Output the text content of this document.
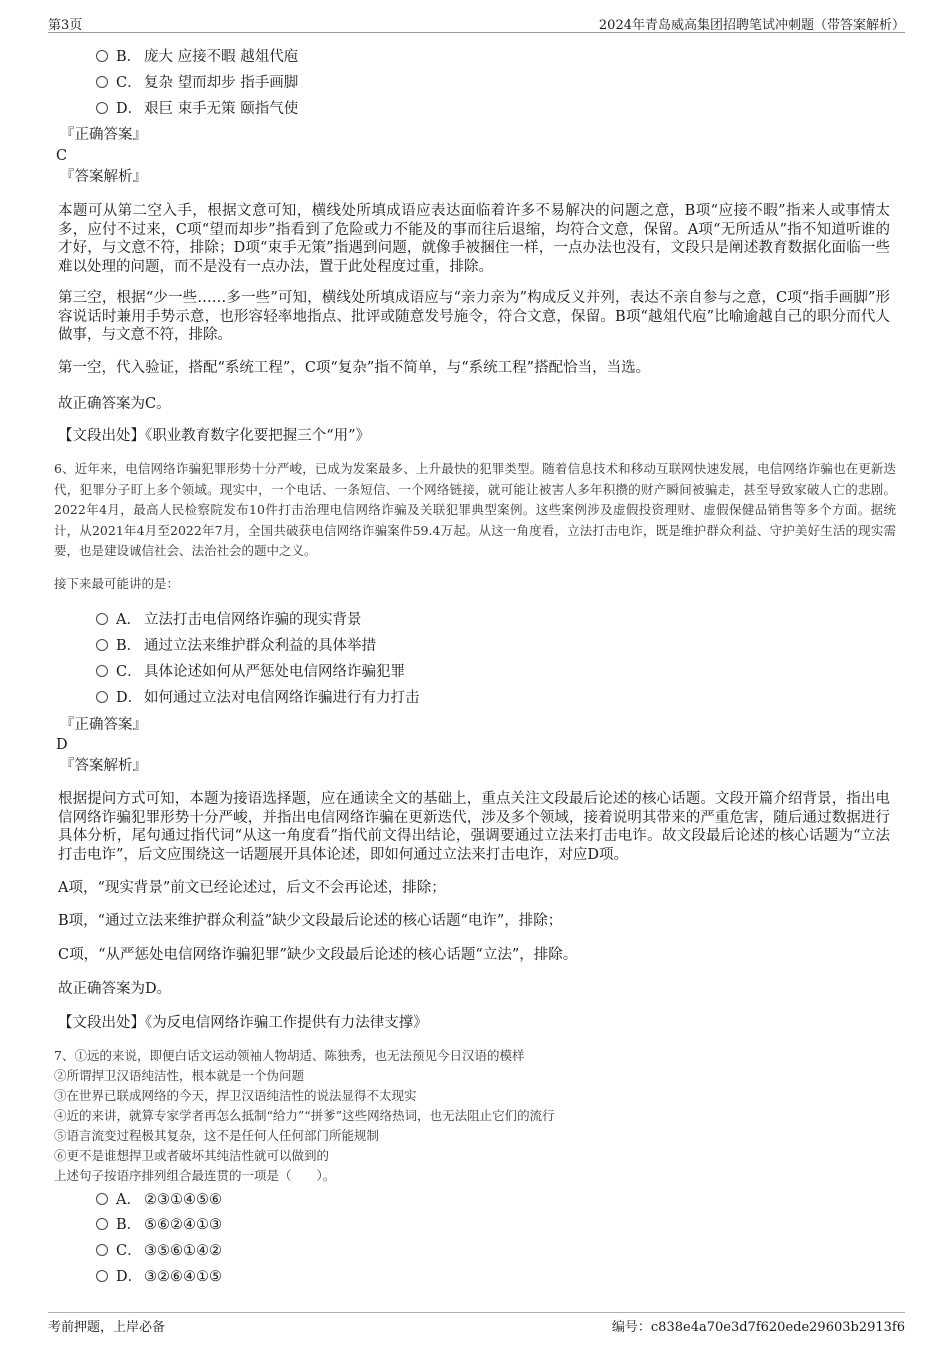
第3页	2024年青岛威高集团招聘笔试冲刺题（带答案解析）
B． 庞大 应接不暇 越俎代庖
C． 复杂 望而却步 指手画脚
D． 艰巨 束手无策 颐指气使
『正确答案』
C
『答案解析』
本题可从第二空入手，根据文意可知，横线处所填成语应表达面临着许多不易解决的问题之意，B项“应接不暇”指来人或事情太多，应付不过来，C项“望而却步”指看到了危险或力不能及的事而往后退缩，均符合文意，保留。A项“无所适从”指不知道听谁的才好，与文意不符，排除；D项“束手无策”指遇到问题，就像手被捆住一样，一点办法也没有，文段只是阐述教育数据化面临一些难以处理的问题，而不是没有一点办法，置于此处程度过重，排除。
第三空，根据“少一些……多一些”可知，横线处所填成语应与“亲力亲为”构成反义并列，表达不亲自参与之意，C项“指手画脚”形容说话时兼用手势示意，也形容轻率地指点、批评或随意发号施令，符合文意，保留。B项“越俎代庖”比喻逾越自己的职分而代人做事，与文意不符，排除。
第一空，代入验证，搭配“系统工程”，C项“复杂”指不简单，与“系统工程”搭配恰当，当选。
故正确答案为C。
【文段出处】《职业教育数字化要把握三个“用”》
6、近年来，电信网络诈骗犯罪形势十分严峻，已成为发案最多、上升最快的犯罪类型。随着信息技术和移动互联网快速发展，电信网络诈骗也在更新迭代，犯罪分子盯上多个领域。现实中，一个电话、一条短信、一个网络链接，就可能让被害人多年积攒的财产瞬间被骗走，甚至导致家破人亡的悲剧。2022年4月，最高人民检察院发布10件打击治理电信网络诈骗及关联犯罪典型案例。这些案例涉及虚假投资理财、虚假保健品销售等多个方面。据统计，从2021年4月至2022年7月，全国共破获电信网络诈骗案件59.4万起。从这一角度看，立法打击电诈，既是维护群众利益、守护美好生活的现实需要，也是建设诚信社会、法治社会的题中之义。
接下来最可能讲的是：
A． 立法打击电信网络诈骗的现实背景
B． 通过立法来维护群众利益的具体举措
C． 具体论述如何从严惩处电信网络诈骗犯罪
D． 如何通过立法对电信网络诈骗进行有力打击
『正确答案』
D
『答案解析』
根据提问方式可知，本题为接语选择题，应在通读全文的基础上，重点关注文段最后论述的核心话题。文段开篇介绍背景，指出电信网络诈骗犯罪形势十分严峻，并指出电信网络诈骗在更新迭代，涉及多个领域，接着说明其带来的严重危害，随后通过数据进行具体分析，尾句通过指代词“从这一角度看”指代前文得出结论，强调要通过立法来打击电诈。故文段最后论述的核心话题为“立法打击电诈”，后文应围绕这一话题展开具体论述，即如何通过立法来打击电诈，对应D项。
A项，“现实背景”前文已经论述过，后文不会再论述，排除；
B项，“通过立法来维护群众利益”缺少文段最后论述的核心话题“电诈”，排除；
C项，“从严惩处电信网络诈骗犯罪”缺少文段最后论述的核心话题“立法”，排除。
故正确答案为D。
【文段出处】《为反电信网络诈骗工作提供有力法律支撑》
7、①远的来说，即便白话文运动领袖人物胡适、陈独秀，也无法预见今日汉语的模样
②所谓捍卫汉语纯洁性，根本就是一个伪问题
③在世界已联成网络的今天，捍卫汉语纯洁性的说法显得不太现实
④近的来讲，就算专家学者再怎么抵制“给力”“拼爹”这些网络热词，也无法阻止它们的流行
⑤语言流变过程极其复杂，这不是任何人任何部门所能规制
⑥更不是谁想捍卫或者破坏其纯洁性就可以做到的
上述句子按语序排列组合最连贯的一项是（　　）。
A． ②③①④⑤⑥
B． ⑤⑥②④①③
C． ③⑤⑥①④②
D． ③②⑥④①⑤
考前押题，上岸必备	编号：c838e4a70e3d7f620ede29603b2913f6
